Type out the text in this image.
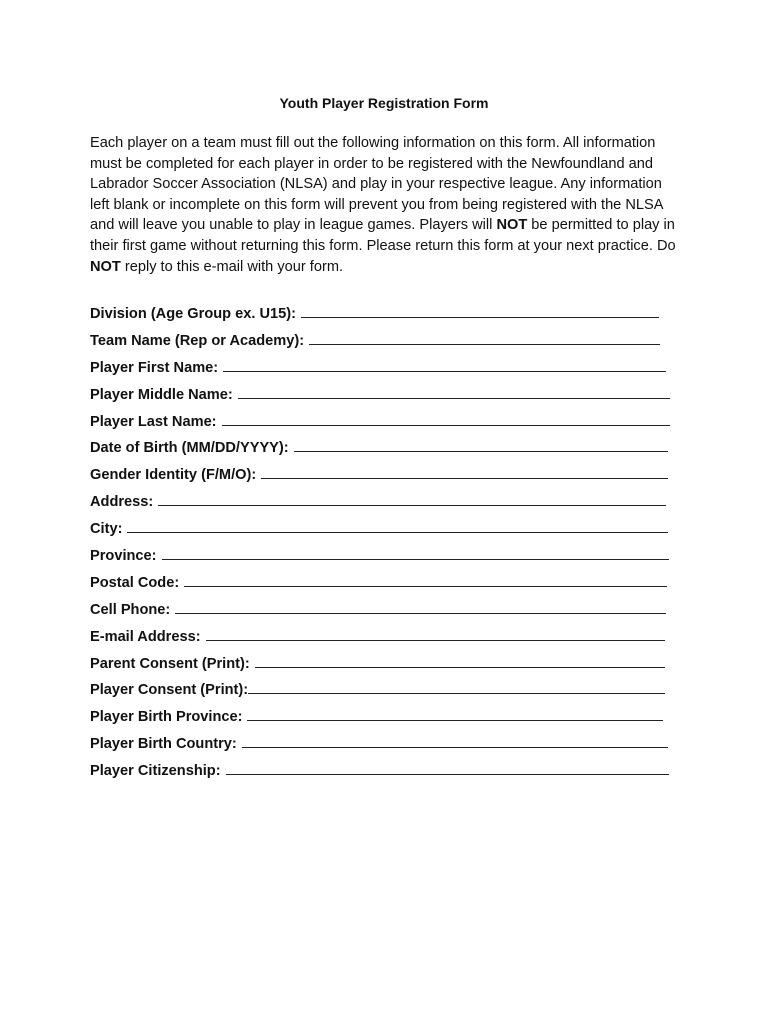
Youth Player Registration Form

Each player on a team must fill out the following information on this form. All information must be completed for each player in order to be registered with the Newfoundland and Labrador Soccer Association (NLSA) and play in your respective league. Any information left blank or incomplete on this form will prevent you from being registered with the NLSA and will leave you unable to play in league games. Players will NOT be permitted to play in their first game without returning this form. Please return this form at your next practice. Do NOT reply to this e-mail with your form.

Division (Age Group ex. U15):
Team Name (Rep or Academy):
Player First Name:
Player Middle Name:
Player Last Name:
Date of Birth (MM/DD/YYYY):
Gender Identity (F/M/O):
Address:
City:
Province:
Postal Code:
Cell Phone:
E-mail Address:
Parent Consent (Print):
Player Consent (Print):
Player Birth Province:
Player Birth Country:
Player Citizenship:
